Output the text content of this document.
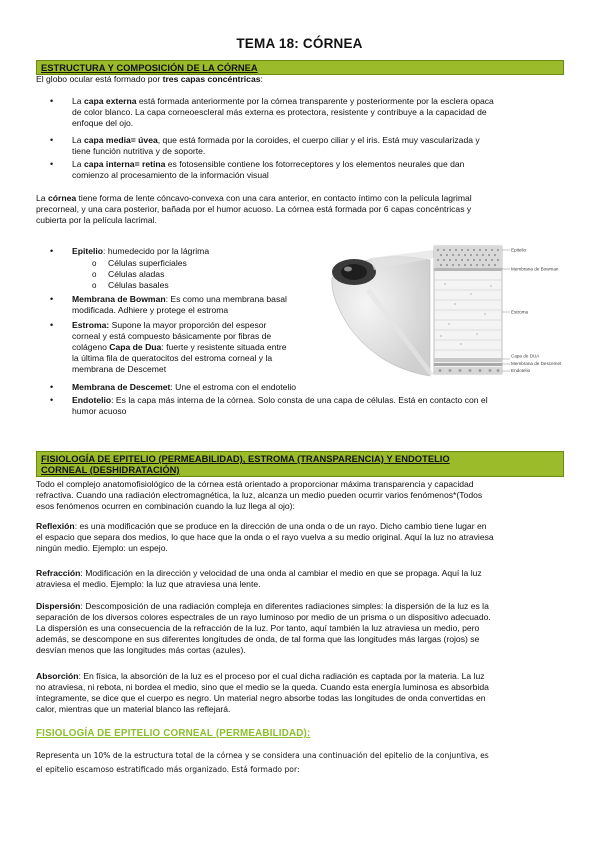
TEMA 18: CÓRNEA
ESTRUCTURA Y COMPOSICIÓN DE LA CÓRNEA
El globo ocular está formado por tres capas concéntricas:
• La capa externa está formada anteriormente por la córnea transparente y posteriormente por la esclera opaca
de color blanco. La capa corneoescleral más externa es protectora, resistente y contribuye a la capacidad de
enfoque del ojo.
• La capa media= úvea, que está formada por la coroides, el cuerpo ciliar y el iris. Está muy vascularizada y
tiene función nutritiva y de soporte.
• La capa interna= retina es fotosensible contiene los fotorreceptores y los elementos neurales que dan
comienzo al procesamiento de la información visual
La córnea tiene forma de lente cóncavo-convexa con una cara anterior, en contacto íntimo con la película lagrimal
precorneal, y una cara posterior, bañada por el humor acuoso. La córnea está formada por 6 capas concéntricas y
cubierta por la película lacrimal.
• Epitelio: humedecido por la lágrima
o Células superficiales
o Células aladas
o Células basales
• Membrana de Bowman: Es como una membrana basal
modificada. Adhiere y protege el estroma
• Estroma: Supone la mayor proporción del espesor
corneal y está compuesto básicamente por fibras de
colágeno Capa de Dua: fuerte y resistente situada entre
la última fila de queratocitos del estroma corneal y la
membrana de Descemet
• Membrana de Descemet: Une el estroma con el endotelio
• Endotelio: Es la capa más interna de la córnea. Solo consta de una capa de células. Está en contacto con el
humor acuoso
Epitelio
Membrana de Bowman
Estroma
Capa de DUA
Membrana de Descemet
Endotelio
FISIOLOGÍA DE EPITELIO (PERMEABILIDAD), ESTROMA (TRANSPARENCIA) Y ENDOTELIO
CORNEAL (DESHIDRATACIÓN)
Todo el complejo anatomofisiológico de la córnea está orientado a proporcionar máxima transparencia y capacidad
refractiva. Cuando una radiación electromagnética, la luz, alcanza un medio pueden ocurrir varios fenómenos*(Todos
esos fenómenos ocurren en combinación cuando la luz llega al ojo):
Reflexión: es una modificación que se produce en la dirección de una onda o de un rayo. Dicho cambio tiene lugar en
el espacio que separa dos medios, lo que hace que la onda o el rayo vuelva a su medio original. Aquí la luz no atraviesa
ningún medio. Ejemplo: un espejo.
Refracción: Modificación en la dirección y velocidad de una onda al cambiar el medio en que se propaga. Aquí la luz
atraviesa el medio. Ejemplo: la luz que atraviesa una lente.
Dispersión: Descomposición de una radiación compleja en diferentes radiaciones simples: la dispersión de la luz es la
separación de los diversos colores espectrales de un rayo luminoso por medio de un prisma o un dispositivo adecuado.
La dispersión es una consecuencia de la refracción de la luz. Por tanto, aquí también la luz atraviesa un medio, pero
además, se descompone en sus diferentes longitudes de onda, de tal forma que las longitudes más largas (rojos) se
desvían menos que las longitudes más cortas (azules).
Absorción: En física, la absorción de la luz es el proceso por el cual dicha radiación es captada por la materia. La luz
no atraviesa, ni rebota, ni bordea el medio, sino que el medio se la queda. Cuando esta energía luminosa es absorbida
íntegramente, se dice que el cuerpo es negro. Un material negro absorbe todas las longitudes de onda convertidas en
calor, mientras que un material blanco las reflejará.
FISIOLOGÍA DE EPITELIO CORNEAL (PERMEABILIDAD):
Representa un 10% de la estructura total de la córnea y se considera una continuación del epitelio de la conjuntiva, es
el epitelio escamoso estratificado más organizado. Está formado por:
